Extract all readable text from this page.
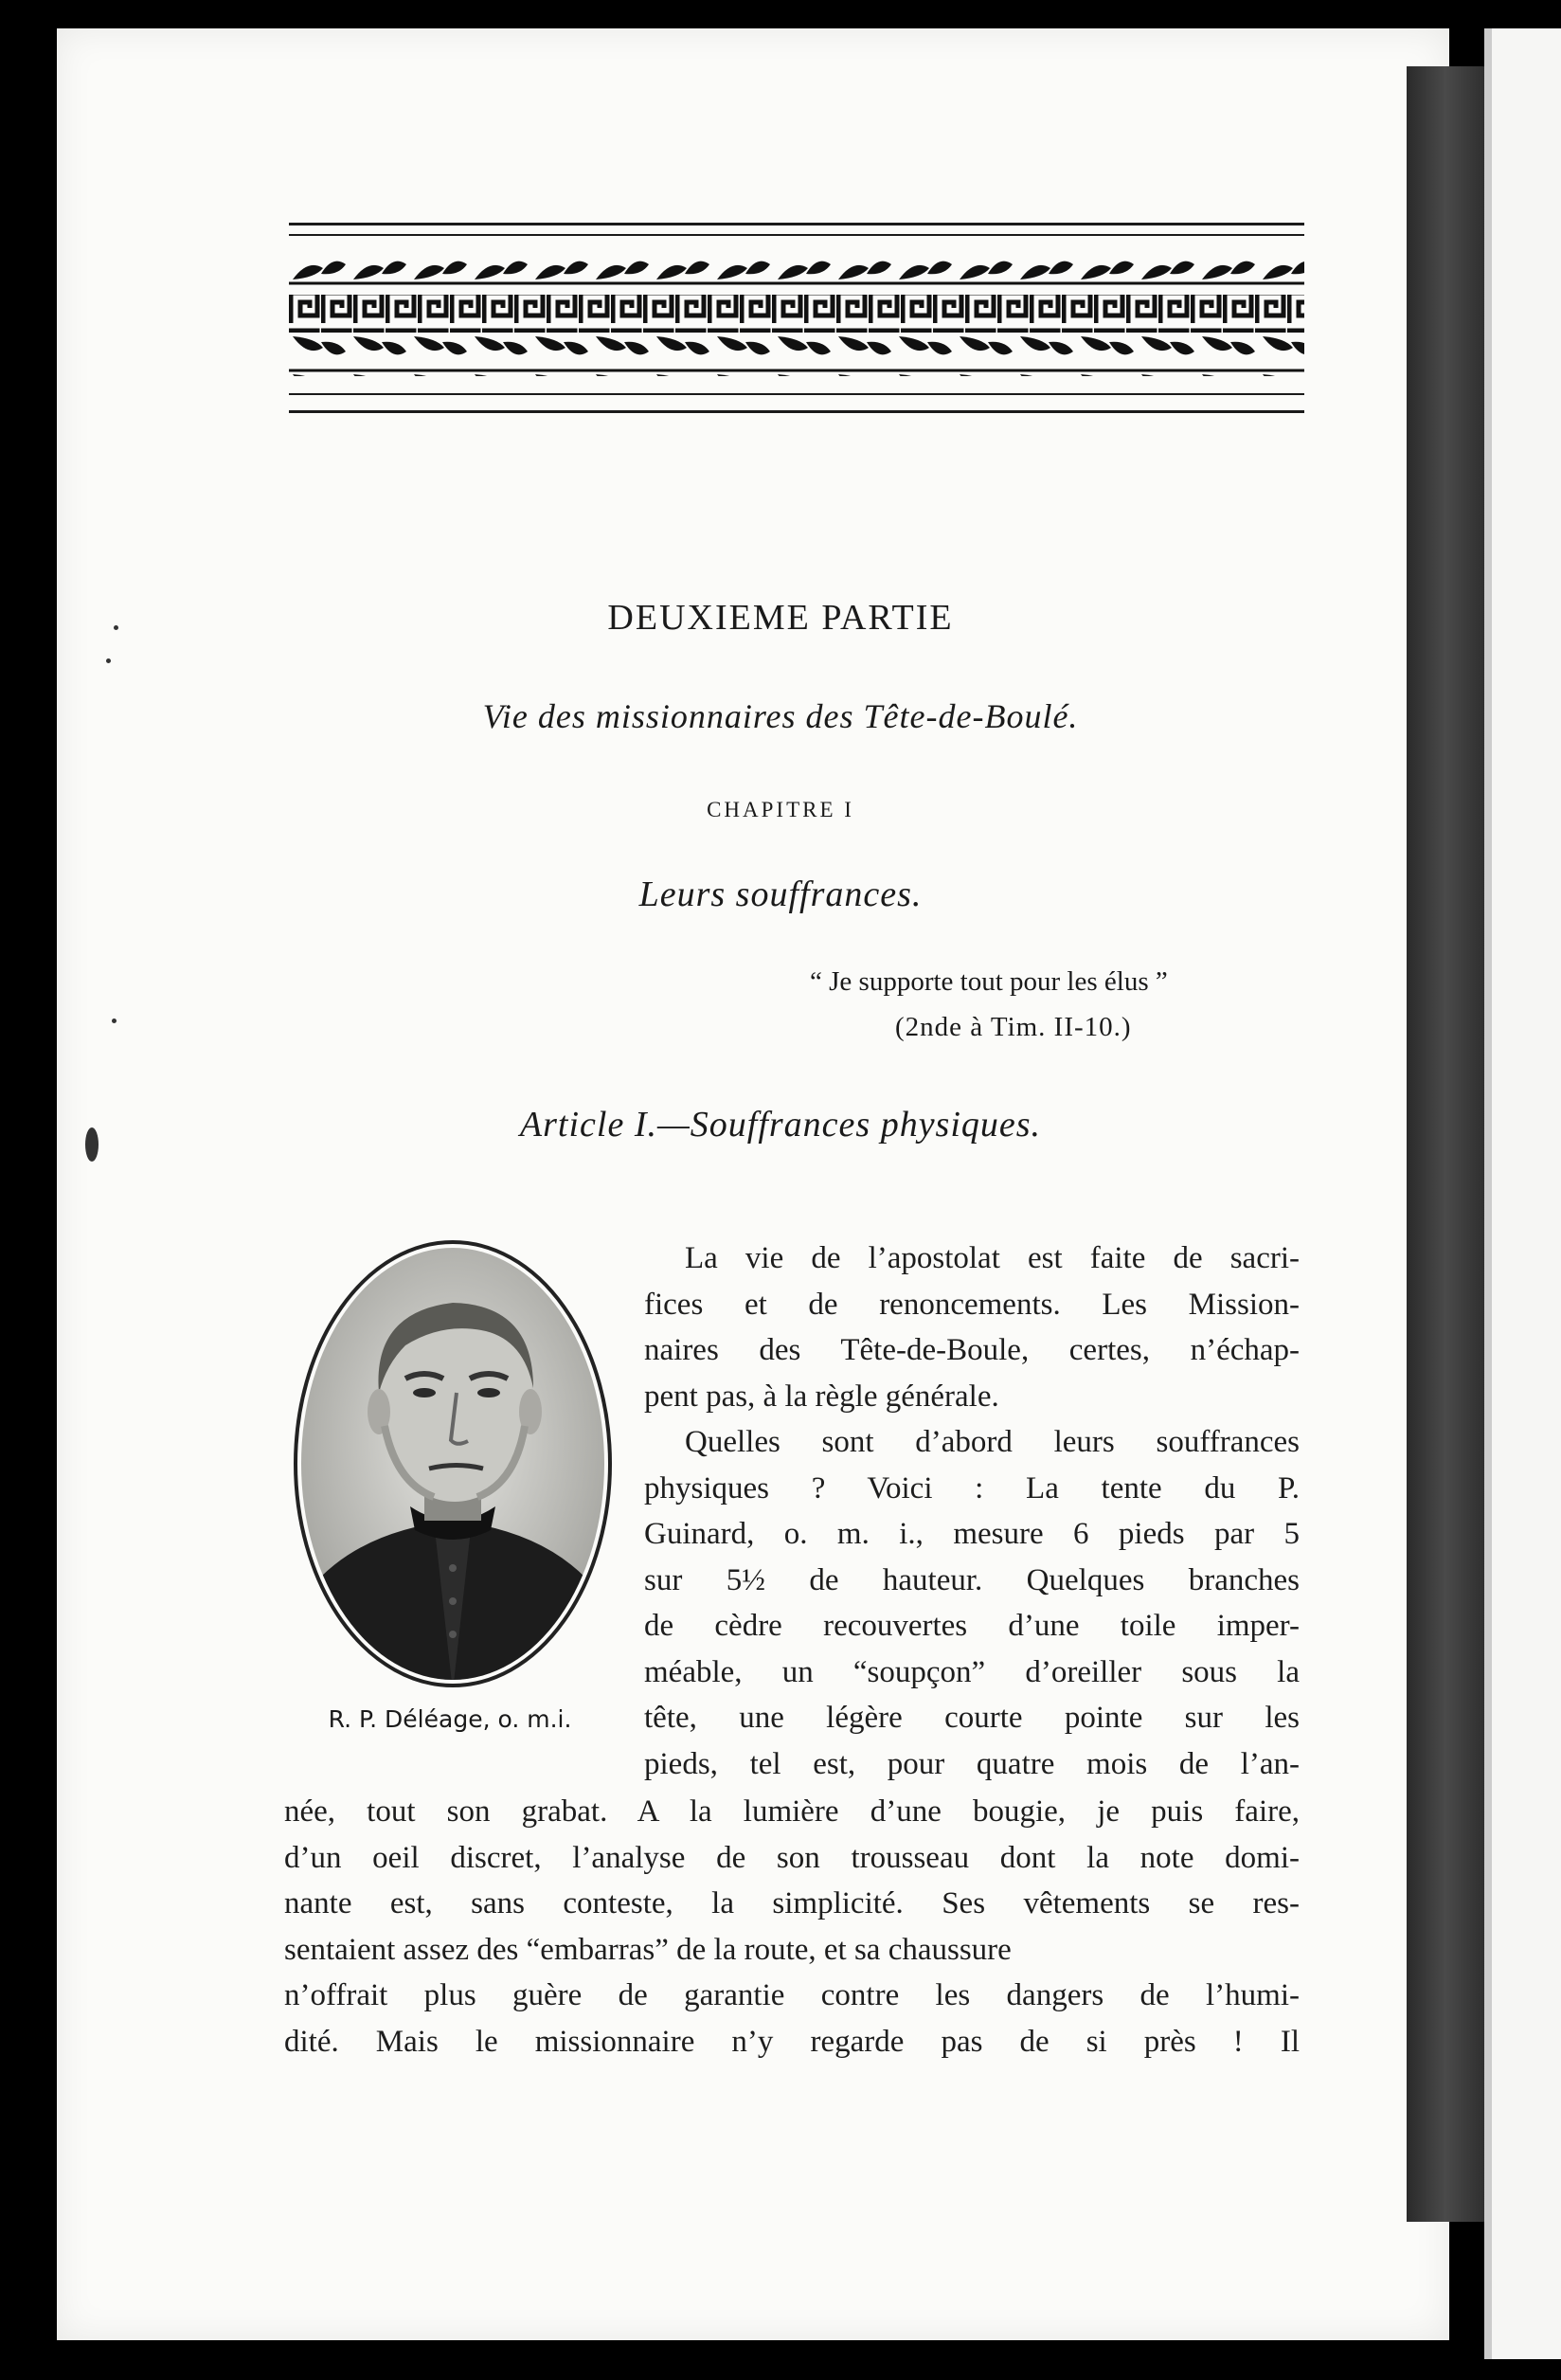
DEUXIEME PARTIE
Vie des missionnaires des Tête-de-Boulé.
CHAPITRE I
Leurs souffrances.
“ Je supporte tout pour les élus ”
(2nde à Tim. II-10.)
Article I.—Souffrances physiques.
R. P. Déléage, o. m.i.
La vie de l’apostolat est faite de sacri-
fices et de renoncements. Les Mission-
naires des Tête-de-Boule, certes, n’échap-
pent pas, à la règle générale.
Quelles sont d’abord leurs souffrances
physiques ? Voici : La tente du P.
Guinard, o. m. i., mesure 6 pieds par 5
sur 5½ de hauteur. Quelques branches
de cèdre recouvertes d’une toile imper-
méable, un “soupçon” d’oreiller sous la
tête, une légère courte pointe sur les
pieds, tel est, pour quatre mois de l’an-
née, tout son grabat. A la lumière d’une bougie, je puis faire,
d’un oeil discret, l’analyse de son trousseau dont la note domi-
nante est, sans conteste, la simplicité. Ses vêtements se res-
sentaient assez des “embarras” de la route, et sa chaussure
n’offrait plus guère de garantie contre les dangers de l’humi-
dité. Mais le missionnaire n’y regarde pas de si près ! Il
